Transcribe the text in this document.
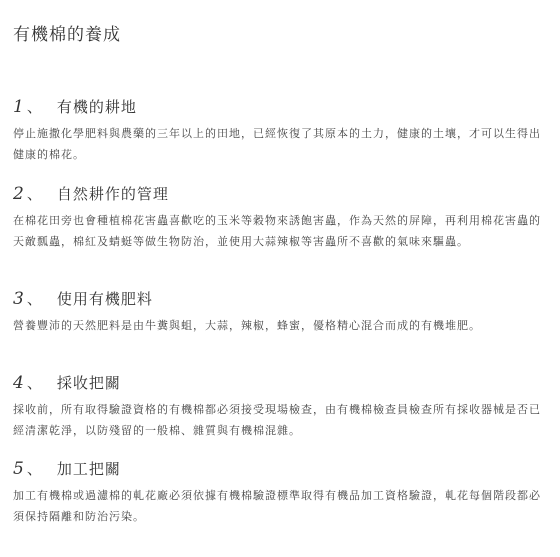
有機棉的養成
1 、 有機的耕地
停止施撒化學肥料與農藥的三年以上的田地，已經恢復了其原本的土力，健康的土壤，才可以生得出健康的棉花。
2 、 自然耕作的管理
在棉花田旁也會種植棉花害蟲喜歡吃的玉米等穀物來誘飽害蟲，作為天然的屏障，再利用棉花害蟲的天敵瓢蟲，棉紅及蜻蜓等做生物防治，並使用大蒜辣椒等害蟲所不喜歡的氣味來驅蟲。
3 、 使用有機肥料
營養豐沛的天然肥料是由牛糞與蛆，大蒜，辣椒，蜂蜜，優格精心混合而成的有機堆肥。
4 、 採收把關
採收前，所有取得驗證資格的有機棉都必須接受現場檢查，由有機棉檢查員檢查所有採收器械是否已經清潔乾淨，以防殘留的一般棉、雜質與有機棉混雜。
5 、 加工把關
加工有機棉或過濾棉的軋花廠必須依據有機棉驗證標準取得有機品加工資格驗證，軋花每個階段都必須保持隔離和防治污染。
